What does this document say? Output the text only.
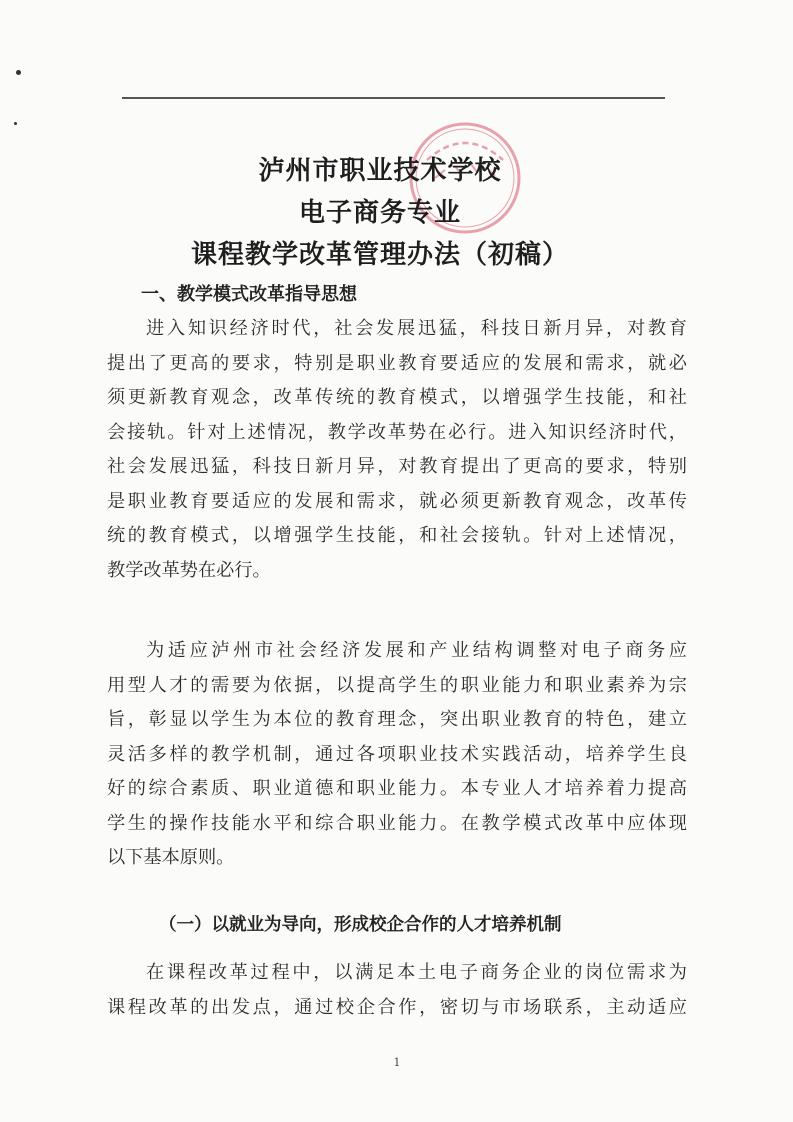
泸州市职业技术学校
电子商务专业
课程教学改革管理办法（初稿）
一、教学模式改革指导思想
进入知识经济时代，社会发展迅猛，科技日新月异，对教育
提出了更高的要求，特别是职业教育要适应的发展和需求，就必
须更新教育观念，改革传统的教育模式，以增强学生技能，和社
会接轨。针对上述情况，教学改革势在必行。进入知识经济时代，
社会发展迅猛，科技日新月异，对教育提出了更高的要求，特别
是职业教育要适应的发展和需求，就必须更新教育观念，改革传
统的教育模式，以增强学生技能，和社会接轨。针对上述情况，
教学改革势在必行。
为适应泸州市社会经济发展和产业结构调整对电子商务应
用型人才的需要为依据，以提高学生的职业能力和职业素养为宗
旨，彰显以学生为本位的教育理念，突出职业教育的特色，建立
灵活多样的教学机制，通过各项职业技术实践活动，培养学生良
好的综合素质、职业道德和职业能力。本专业人才培养着力提高
学生的操作技能水平和综合职业能力。在教学模式改革中应体现
以下基本原则。
（一）以就业为导向，形成校企合作的人才培养机制
在课程改革过程中，以满足本土电子商务企业的岗位需求为
课程改革的出发点，通过校企合作，密切与市场联系，主动适应
1
